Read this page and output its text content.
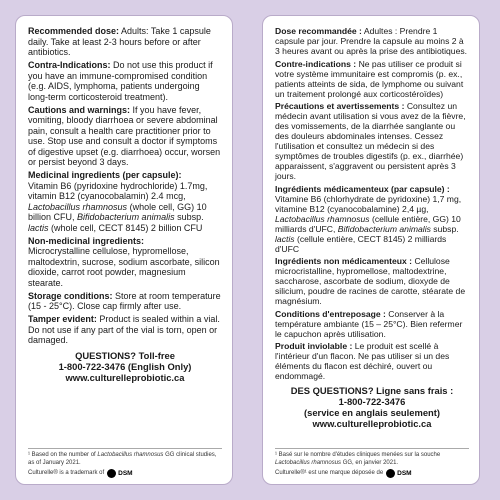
Recommended dose: Adults: Take 1 capsule daily. Take at least 2-3 hours before or after antibiotics.

Contra-Indications: Do not use this product if you have an immune-compromised condition (e.g. AIDS, lymphoma, patients undergoing long-term corticosteroid treatment).

Cautions and warnings: If you have fever, vomiting, bloody diarrhoea or severe abdominal pain, consult a health care practitioner prior to use. Stop use and consult a doctor if symptoms of digestive upset (e.g. diarrhoea) occur, worsen or persist beyond 3 days.

Medicinal ingredients (per capsule):
Vitamin B6 (pyridoxine hydrochloride) 1.7mg, vitamin B12 (cyanocobalamin) 2.4 mcg, Lactobacillus rhamnosus (whole cell, GG) 10 billion CFU, Bifidobacterium animalis subsp. lactis (whole cell, CECT 8145) 2 billion CFU

Non-medicinal ingredients:
Microcrystalline cellulose, hypromellose, maltodextrin, sucrose, sodium ascorbate, silicon dioxide, carrot root powder, magnesium stearate.

Storage conditions: Store at room temperature (15 - 25°C). Close cap firmly after use.

Tamper evident: Product is sealed within a vial. Do not use if any part of the vial is torn, open or damaged.

QUESTIONS? Toll-free
1-800-722-3476 (English Only)
www.culturelleprobiotic.ca

¹ Based on the number of Lactobacillus rhamnosus GG clinical studies, as of January 2021.

Culturelle® is a trademark of DSM

Dose recommandée : Adultes : Prendre 1 capsule par jour. Prendre la capsule au moins 2 à 3 heures avant ou après la prise des antibiotiques.

Contre-indications : Ne pas utiliser ce produit si votre système immunitaire est compromis (p. ex., patients atteints de sida, de lymphome ou suivant un traitement prolongé aux corticostéroïdes)

Précautions et avertissements : Consultez un médecin avant utilisation si vous avez de la fièvre, des vomissements, de la diarrhée sanglante ou des douleurs abdominales intenses. Cessez l'utilisation et consultez un médecin si des symptômes de troubles digestifs (p. ex., diarrhée) apparaissent, s'aggravent ou persistent après 3 jours.

Ingrédients médicamenteux (par capsule) :
Vitamine B6 (chlorhydrate de pyridoxine) 1,7 mg, vitamine B12 (cyanocobalamine) 2,4 µg, Lactobacillus rhamnosus (cellule entière, GG) 10 milliards d'UFC, Bifidobacterium animalis subsp. lactis (cellule entière, CECT 8145) 2 milliards d'UFC

Ingrédients non médicamenteux : Cellulose microcristalline, hypromellose, maltodextrine, saccharose, ascorbate de sodium, dioxyde de silicium, poudre de racines de carotte, stéarate de magnésium.

Conditions d'entreposage : Conserver à la température ambiante (15 – 25°C). Bien refermer le capuchon après utilisation.

Produit inviolable : Le produit est scellé à l'intérieur d'un flacon. Ne pas utiliser si un des éléments du flacon est déchiré, ouvert ou endommagé.

DES QUESTIONS? Ligne sans frais :
1-800-722-3476
(service en anglais seulement)
www.culturelleprobiotic.ca

¹ Basé sur le nombre d'études cliniques menées sur la souche Lactobacillus rhamnosus GG, en janvier 2021.

Culturelle®¹ est une marque déposée de DSM
